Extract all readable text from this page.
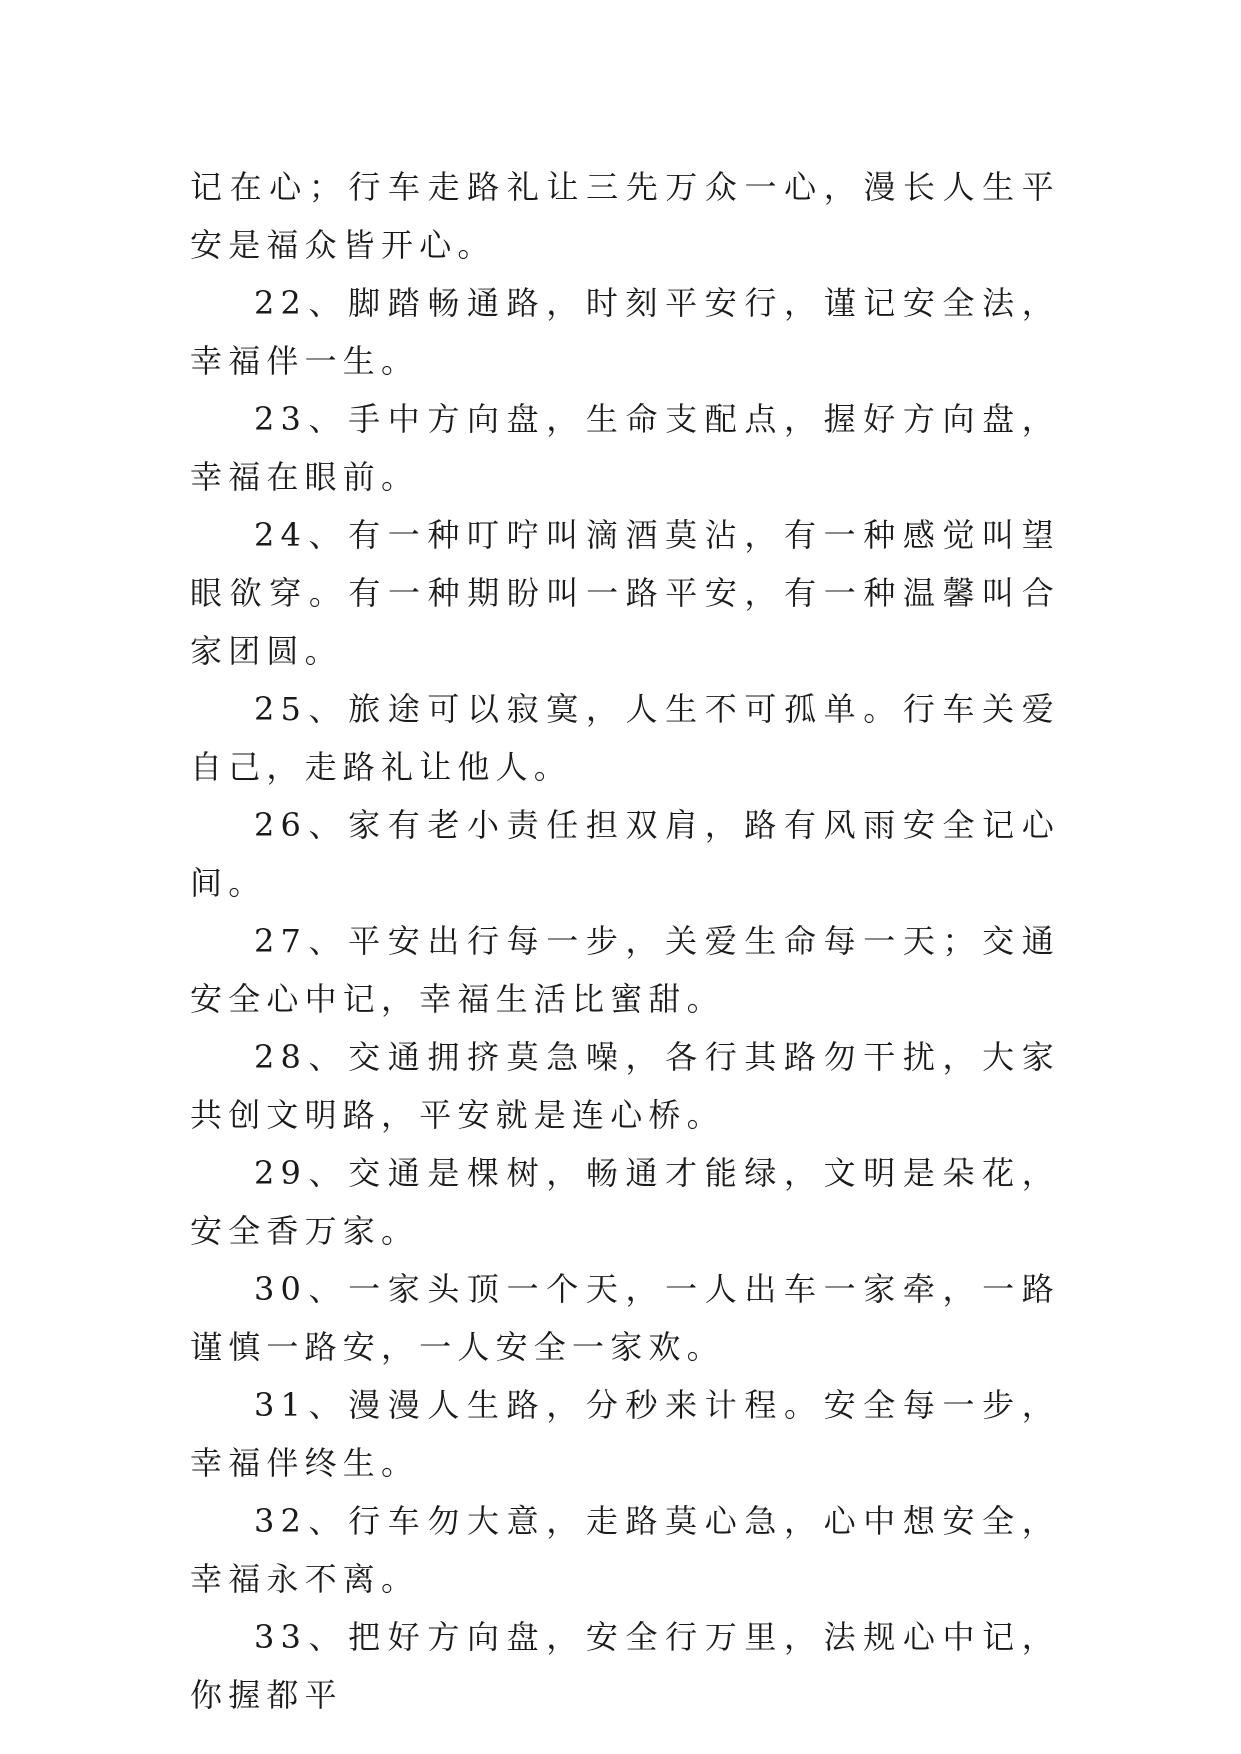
记在心；行车走路礼让三先万众一心，漫长人生平安是福众皆开心。

22、脚踏畅通路，时刻平安行，谨记安全法，幸福伴一生。

23、手中方向盘，生命支配点，握好方向盘，幸福在眼前。

24、有一种叮咛叫滴酒莫沾，有一种感觉叫望眼欲穿。有一种期盼叫一路平安，有一种温馨叫合家团圆。

25、旅途可以寂寞，人生不可孤单。行车关爱自己，走路礼让他人。

26、家有老小责任担双肩，路有风雨安全记心间。

27、平安出行每一步，关爱生命每一天；交通安全心中记，幸福生活比蜜甜。

28、交通拥挤莫急噪，各行其路勿干扰，大家共创文明路，平安就是连心桥。

29、交通是棵树，畅通才能绿，文明是朵花，安全香万家。

30、一家头顶一个天，一人出车一家牵，一路谨慎一路安，一人安全一家欢。

31、漫漫人生路，分秒来计程。安全每一步，幸福伴终生。

32、行车勿大意，走路莫心急，心中想安全，幸福永不离。

33、把好方向盘，安全行万里，法规心中记，你握都平
